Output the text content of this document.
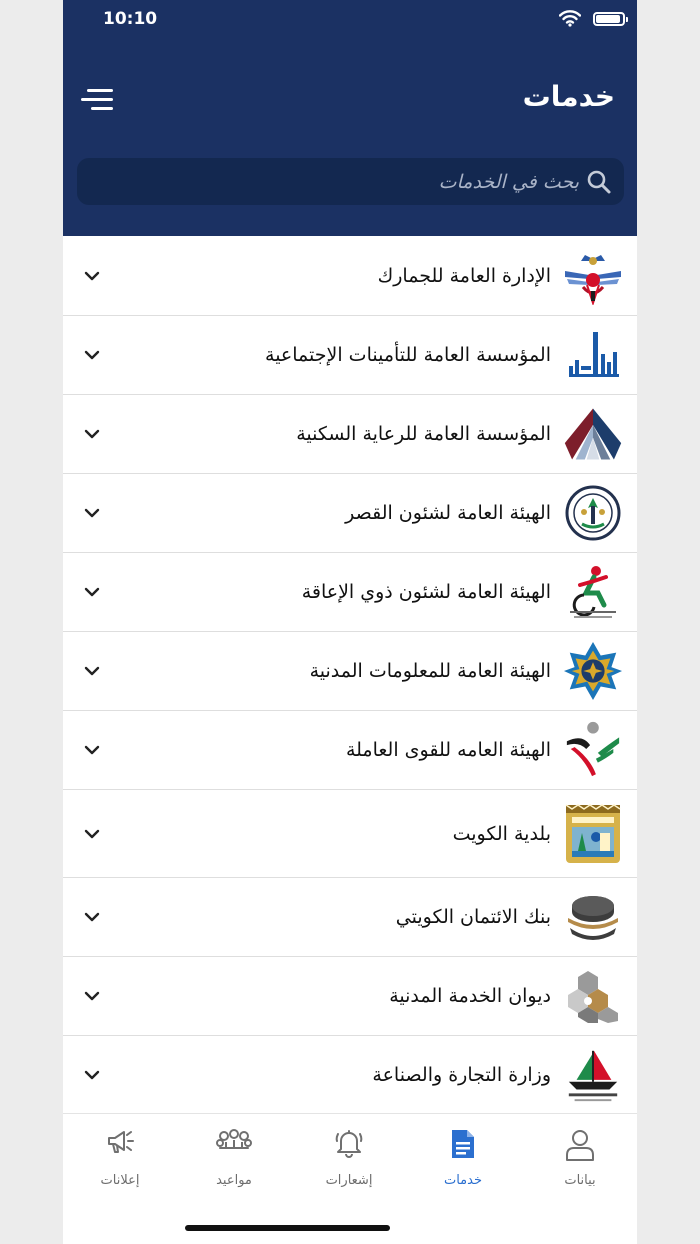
10:10
خدمات
بحث في الخدمات
الإدارة العامة للجمارك
المؤسسة العامة للتأمينات الإجتماعية
المؤسسة العامة للرعاية السكنية
الهيئة العامة لشئون القصر
الهيئة العامة لشئون ذوي الإعاقة
الهيئة العامة للمعلومات المدنية
الهيئة العامه للقوى العاملة
بلدية الكويت
بنك الائتمان الكويتي
ديوان الخدمة المدنية
وزارة التجارة والصناعة
إعلانات	مواعيد	إشعارات	خدمات	بيانات
